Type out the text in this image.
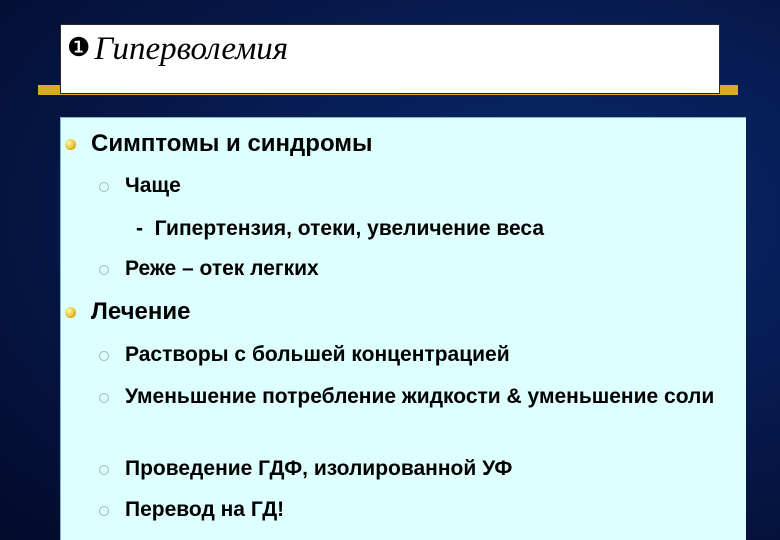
❶ Гиперволемия
Симптомы и синдромы
Чаще
-  Гипертензия, отеки, увеличение веса
Реже – отек легких
Лечение
Растворы с большей концентрацией
Уменьшение потребление жидкости & уменьшение соли
Проведение ГДФ, изолированной УФ
Перевод на ГД!
